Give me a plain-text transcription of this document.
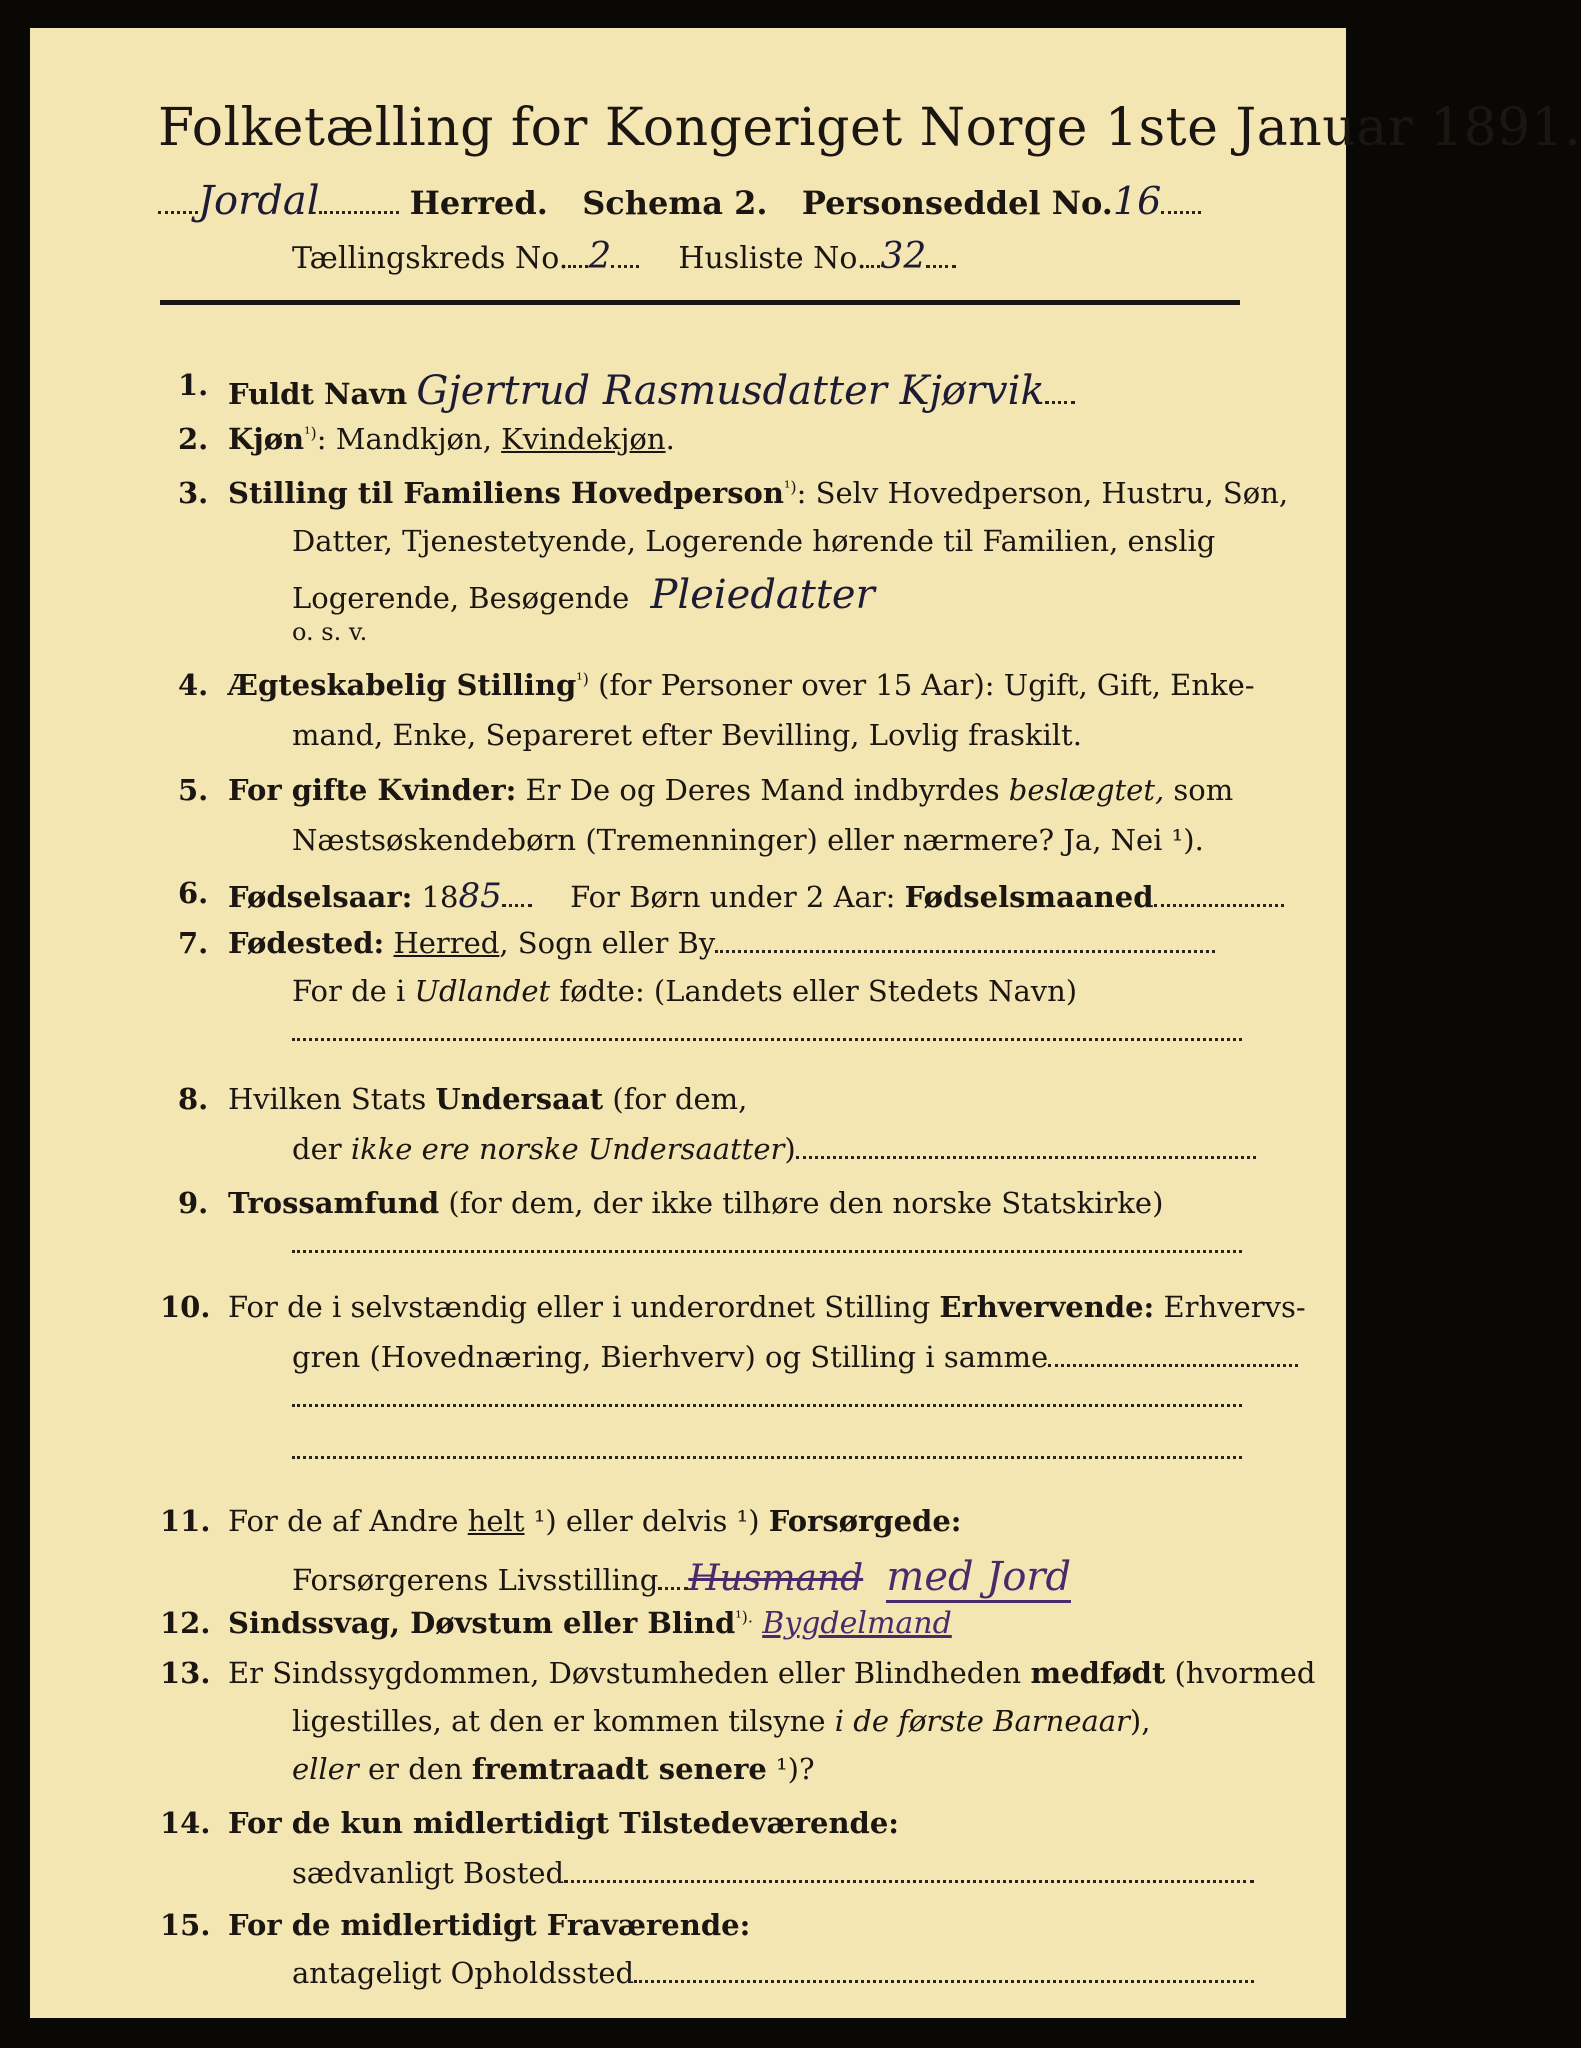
Folketælling for Kongeriget Norge 1ste Januar 1891.
Jordal	Herred. Schema 2. Personseddel No.16
Tællingskreds No. 2 Husliste No. 32
1. Fuldt Navn Gjertrud Rasmusdatter Kjørvik
2. Kjøn$^{^1)}$: Mandkjøn, Kvindekjøn.
3. Stilling til Familiens Hovedperson$^{^1)}$: Selv Hovedperson, Hustru, Søn,
Datter, Tjenestetyende, Logerende hørende til Familien, enslig
Logerende, Besøgende Pleiedatter
o. s. v.
4. Ægteskabelig Stilling$^{^1)}$ (for Personer over 15 Aar): Ugift, Gift, Enke-
mand, Enke, Separeret efter Bevilling, Lovlig fraskilt.
5. For gifte Kvinder: Er De og Deres Mand indbyrdes beslægtet, som
Næstsøskendebørn (Tremenninger) eller nærmere? Ja, Nei ¹).
6. Fødselsaar: 1885 For Børn under 2 Aar: Fødselsmaaned
7. Fødested: Herred, Sogn eller By
For de i Udlandet fødte: (Landets eller Stedets Navn)
8. Hvilken Stats Undersaat (for dem,
der ikke ere norske Undersaatter)
9. Trossamfund (for dem, der ikke tilhøre den norske Statskirke)
10. For de i selvstændig eller i underordnet Stilling Erhvervende: Erhvervs-
gren (Hovednæring, Bierhverv) og Stilling i samme
11. For de af Andre helt ¹) eller delvis ¹) Forsørgede:
Forsørgerens Livsstilling Husmand med Jord
12. Sindssvag, Døvstum eller Blind$^{^1).}$ Bygdelmand
13. Er Sindssygdommen, Døvstumheden eller Blindheden medfødt (hvormed
ligestilles, at den er kommen tilsyne i de første Barneaar),
eller er den fremtraadt senere ¹)?
14. For de kun midlertidigt Tilstedeværende:
sædvanligt Bosted
15. For de midlertidigt Fraværende:
antageligt Opholdssted
